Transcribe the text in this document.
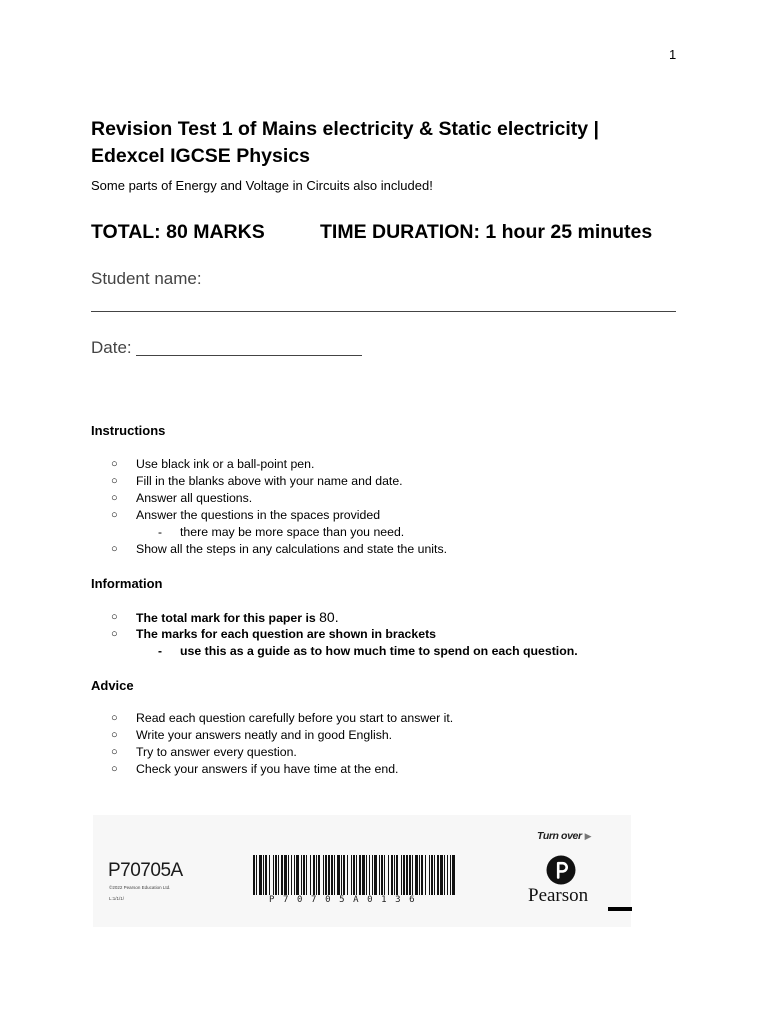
1
Revision Test 1 of Mains electricity & Static electricity |
Edexcel IGCSE Physics
Some parts of Energy and Voltage in Circuits also included!
TOTAL: 80 MARKS	TIME DURATION: 1 hour 25 minutes
Student name:
Date:
Instructions
○ Use black ink or a ball-point pen.
○ Fill in the blanks above with your name and date.
○ Answer all questions.
○ Answer the questions in the spaces provided
- there may be more space than you need.
○ Show all the steps in any calculations and state the units.
Information
○ The total mark for this paper is 80.
○ The marks for each question are shown in brackets
- use this as a guide as to how much time to spend on each question.
Advice
○ Read each question carefully before you start to answer it.
○ Write your answers neatly and in good English.
○ Try to answer every question.
○ Check your answers if you have time at the end.
P70705A
©2022 Pearson Education Ltd.
L:1/1/1/	P70705A0136
Turn over ▶
Pearson
